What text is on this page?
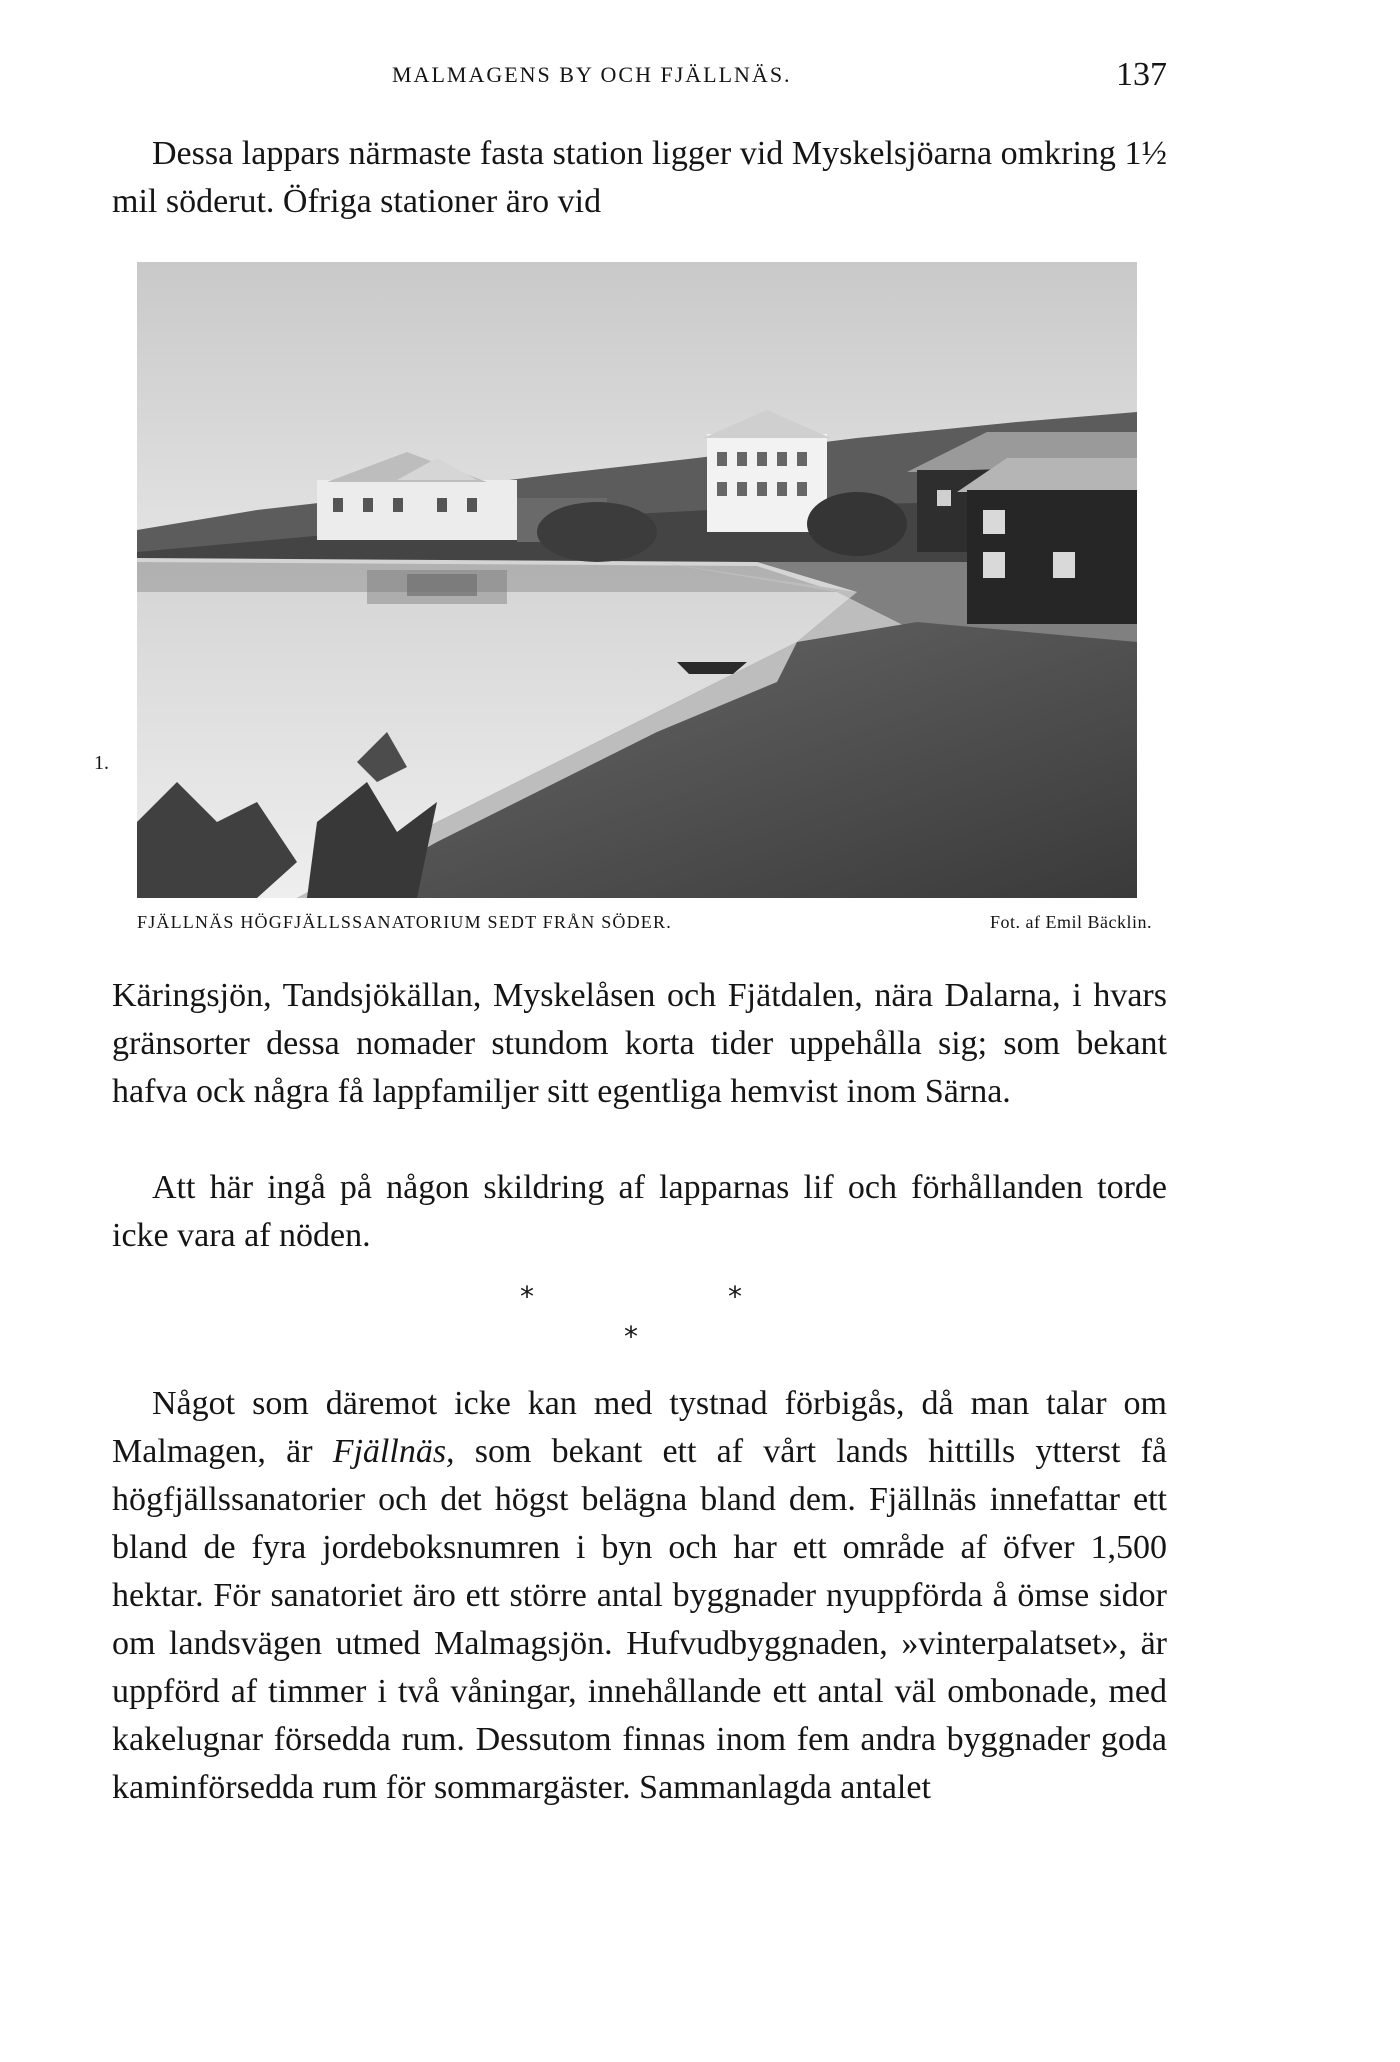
MALMAGENS BY OCH FJÄLLNÄS.	137

Dessa lappars närmaste fasta station ligger vid Myskelsjöarna omkring 1½ mil söderut. Öfriga stationer äro vid

FJÄLLNÄS HÖGFJÄLLSSANATORIUM SEDT FRÅN SÖDER.	Fot. af Emil Bäcklin.
1.

Käringsjön, Tandsjökällan, Myskelåsen och Fjätdalen, nära Dalarna, i hvars gränsorter dessa nomader stundom korta tider uppehålla sig; som bekant hafva ock några få lappfamiljer sitt egentliga hemvist inom Särna.

Att här ingå på någon skildring af lapparnas lif och förhållanden torde icke vara af nöden.

*	*
*

Något som däremot icke kan med tystnad förbigås, då man talar om Malmagen, är Fjällnäs, som bekant ett af vårt lands hittills ytterst få högfjällssanatorier och det högst belägna bland dem. Fjällnäs innefattar ett bland de fyra jordeboksnumren i byn och har ett område af öfver 1,500 hektar. För sanatoriet äro ett större antal byggnader nyuppförda å ömse sidor om landsvägen utmed Malmagsjön. Hufvudbyggnaden, »vinterpalatset», är uppförd af timmer i två våningar, innehållande ett antal väl ombonade, med kakelugnar försedda rum. Dessutom finnas inom fem andra byggnader goda kaminförsedda rum för sommargäster. Sammanlagda antalet
